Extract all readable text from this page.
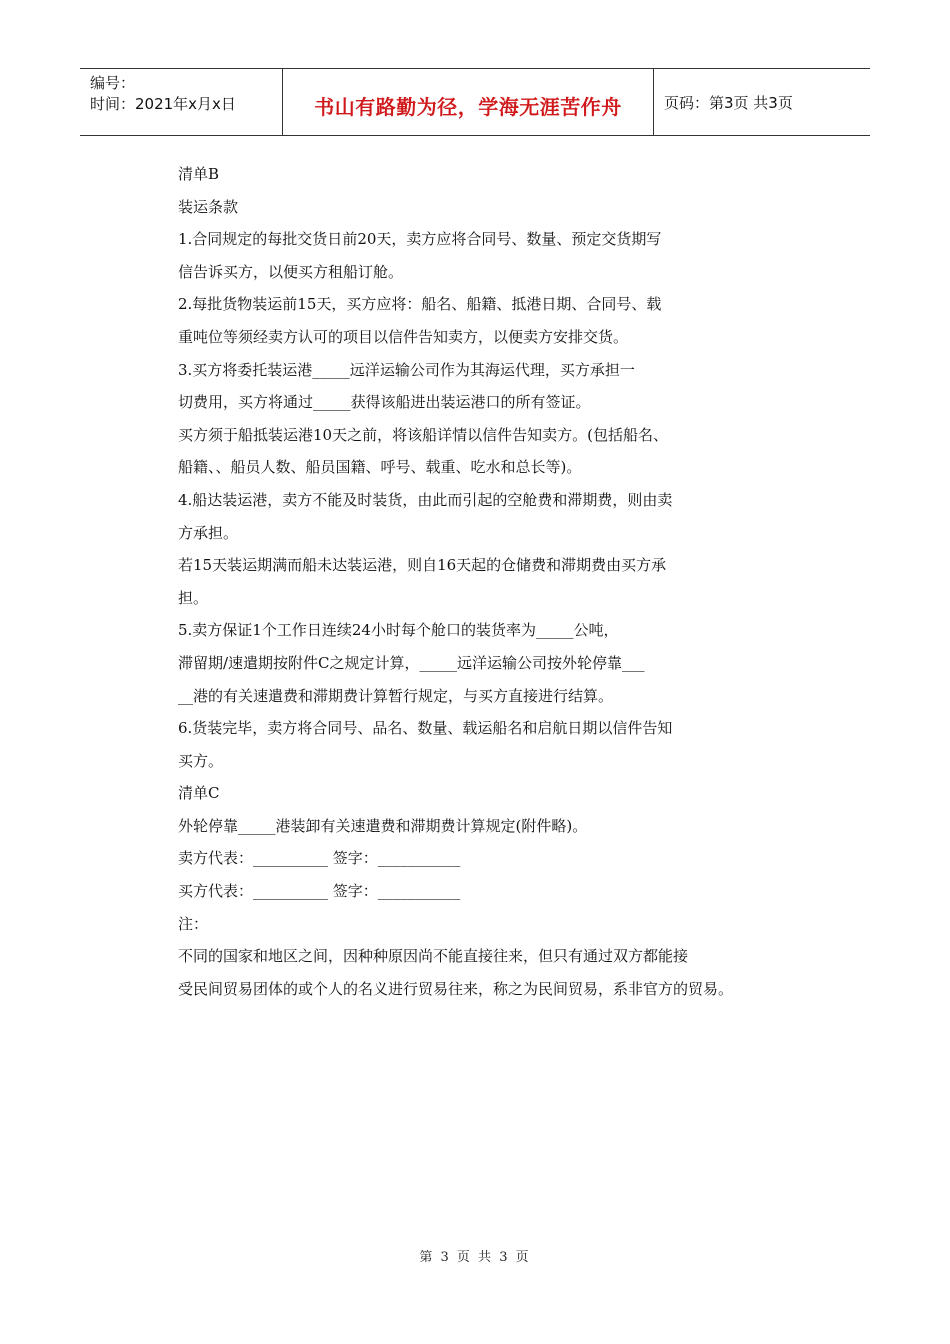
编号：
时间：2021年x月x日	书山有路勤为径，学海无涯苦作舟	页码：第3页 共3页
清单B
装运条款
1.合同规定的每批交货日前20天，卖方应将合同号、数量、预定交货期写
信告诉买方，以便买方租船订舱。
2.每批货物装运前15天，买方应将：船名、船籍、抵港日期、合同号、载
重吨位等须经卖方认可的项目以信件告知卖方，以便卖方安排交货。
3.买方将委托装运港_____远洋运输公司作为其海运代理，买方承担一
切费用，买方将通过_____获得该船进出装运港口的所有签证。
买方须于船抵装运港10天之前，将该船详情以信件告知卖方。(包括船名、
船籍、、船员人数、船员国籍、呼号、载重、吃水和总长等)。
4.船达装运港，卖方不能及时装货，由此而引起的空舱费和滞期费，则由卖
方承担。
若15天装运期满而船未达装运港，则自16天起的仓储费和滞期费由买方承
担。
5.卖方保证1个工作日连续24小时每个舱口的装货率为_____公吨，
滞留期/速遣期按附件C之规定计算，_____远洋运输公司按外轮停靠___
__港的有关速遣费和滞期费计算暂行规定，与买方直接进行结算。
6.货装完毕，卖方将合同号、品名、数量、载运船名和启航日期以信件告知
买方。
清单C
外轮停靠_____港装卸有关速遣费和滞期费计算规定(附件略)。
卖方代表：__________ 签字：___________
买方代表：__________ 签字：___________
注：
不同的国家和地区之间，因种种原因尚不能直接往来，但只有通过双方都能接
受民间贸易团体的或个人的名义进行贸易往来，称之为民间贸易，系非官方的贸易。
第 3 页 共 3 页
